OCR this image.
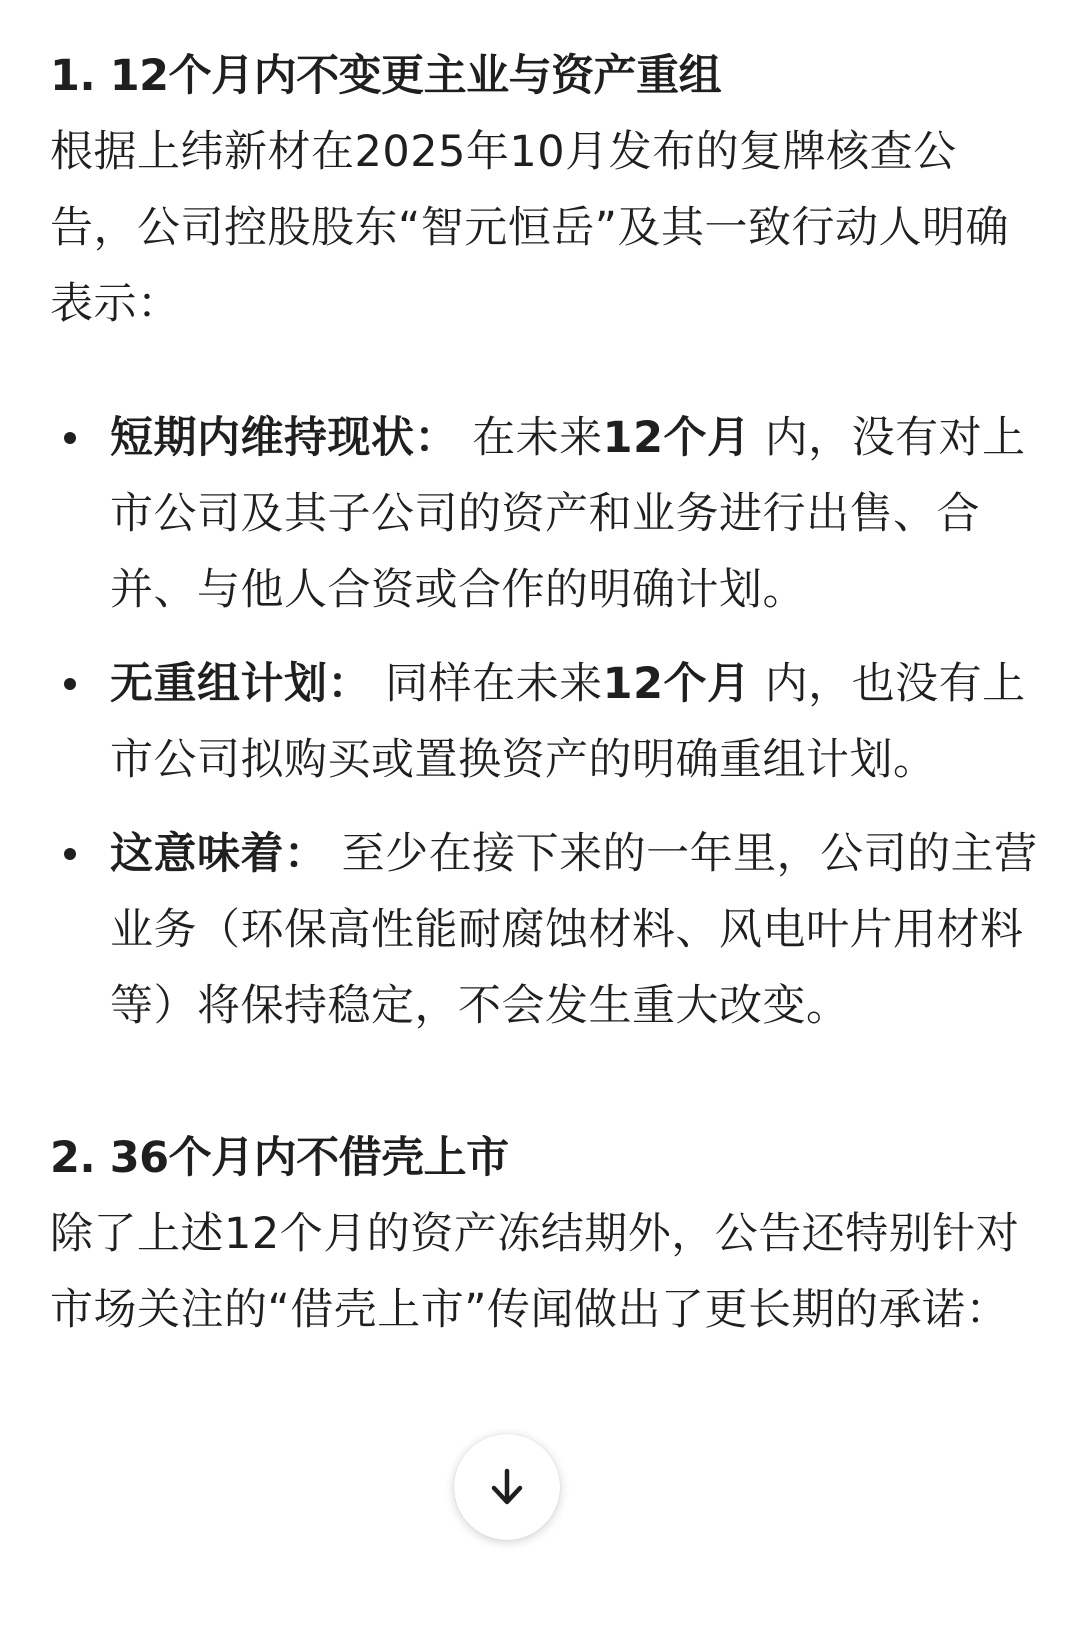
1. 12个月内不变更主业与资产重组

根据上纬新材在2025年10月发布的复牌核查公告，公司控股股东“智元恒岳”及其一致行动人明确表示：

短期内维持现状： 在未来12个月 内，没有对上市公司及其子公司的资产和业务进行出售、合并、与他人合资或合作的明确计划。
无重组计划： 同样在未来12个月 内，也没有上市公司拟购买或置换资产的明确重组计划。
这意味着： 至少在接下来的一年里，公司的主营业务（环保高性能耐腐蚀材料、风电叶片用材料等）将保持稳定，不会发生重大改变。
2. 36个月内不借壳上市

除了上述12个月的资产冻结期外，公告还特别针对市场关注的“借壳上市”传闻做出了更长期的承诺：
